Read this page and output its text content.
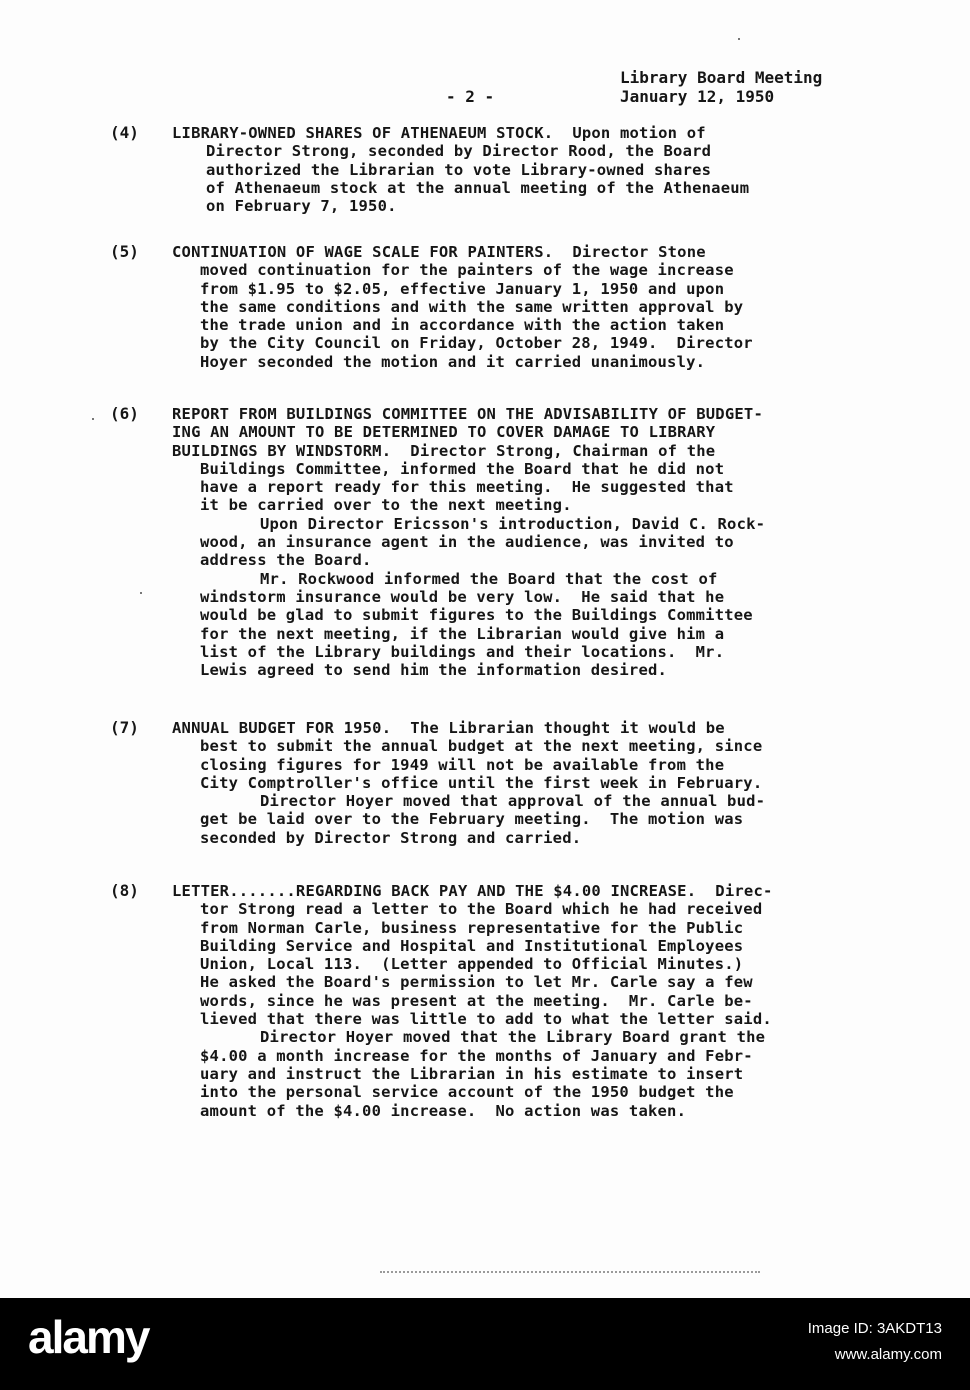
Library Board Meeting
January 12, 1950
- 2 -
(4) LIBRARY-OWNED SHARES OF ATHENAEUM STOCK.  Upon motion of
Director Strong, seconded by Director Rood, the Board
authorized the Librarian to vote Library-owned shares
of Athenaeum stock at the annual meeting of the Athenaeum
on February 7, 1950.
(5) CONTINUATION OF WAGE SCALE FOR PAINTERS.  Director Stone
moved continuation for the painters of the wage increase
from $1.95 to $2.05, effective January 1, 1950 and upon
the same conditions and with the same written approval by
the trade union and in accordance with the action taken
by the City Council on Friday, October 28, 1949.  Director
Hoyer seconded the motion and it carried unanimously.
(6) REPORT FROM BUILDINGS COMMITTEE ON THE ADVISABILITY OF BUDGET-
ING AN AMOUNT TO BE DETERMINED TO COVER DAMAGE TO LIBRARY
BUILDINGS BY WINDSTORM.  Director Strong, Chairman of the
Buildings Committee, informed the Board that he did not
have a report ready for this meeting.  He suggested that
it be carried over to the next meeting.
Upon Director Ericsson's introduction, David C. Rock-
wood, an insurance agent in the audience, was invited to
address the Board.
Mr. Rockwood informed the Board that the cost of
windstorm insurance would be very low.  He said that he
would be glad to submit figures to the Buildings Committee
for the next meeting, if the Librarian would give him a
list of the Library buildings and their locations.  Mr.
Lewis agreed to send him the information desired.
(7) ANNUAL BUDGET FOR 1950.  The Librarian thought it would be
best to submit the annual budget at the next meeting, since
closing figures for 1949 will not be available from the
City Comptroller's office until the first week in February.
Director Hoyer moved that approval of the annual bud-
get be laid over to the February meeting.  The motion was
seconded by Director Strong and carried.
(8) LETTER.......REGARDING BACK PAY AND THE $4.00 INCREASE.  Direc-
tor Strong read a letter to the Board which he had received
from Norman Carle, business representative for the Public
Building Service and Hospital and Institutional Employees
Union, Local 113.  (Letter appended to Official Minutes.)
He asked the Board's permission to let Mr. Carle say a few
words, since he was present at the meeting.  Mr. Carle be-
lieved that there was little to add to what the letter said.
Director Hoyer moved that the Library Board grant the
$4.00 a month increase for the months of January and Febr-
uary and instruct the Librarian in his estimate to insert
into the personal service account of the 1950 budget the
amount of the $4.00 increase.  No action was taken.
alamy	Image ID: 3AKDT13
www.alamy.com
